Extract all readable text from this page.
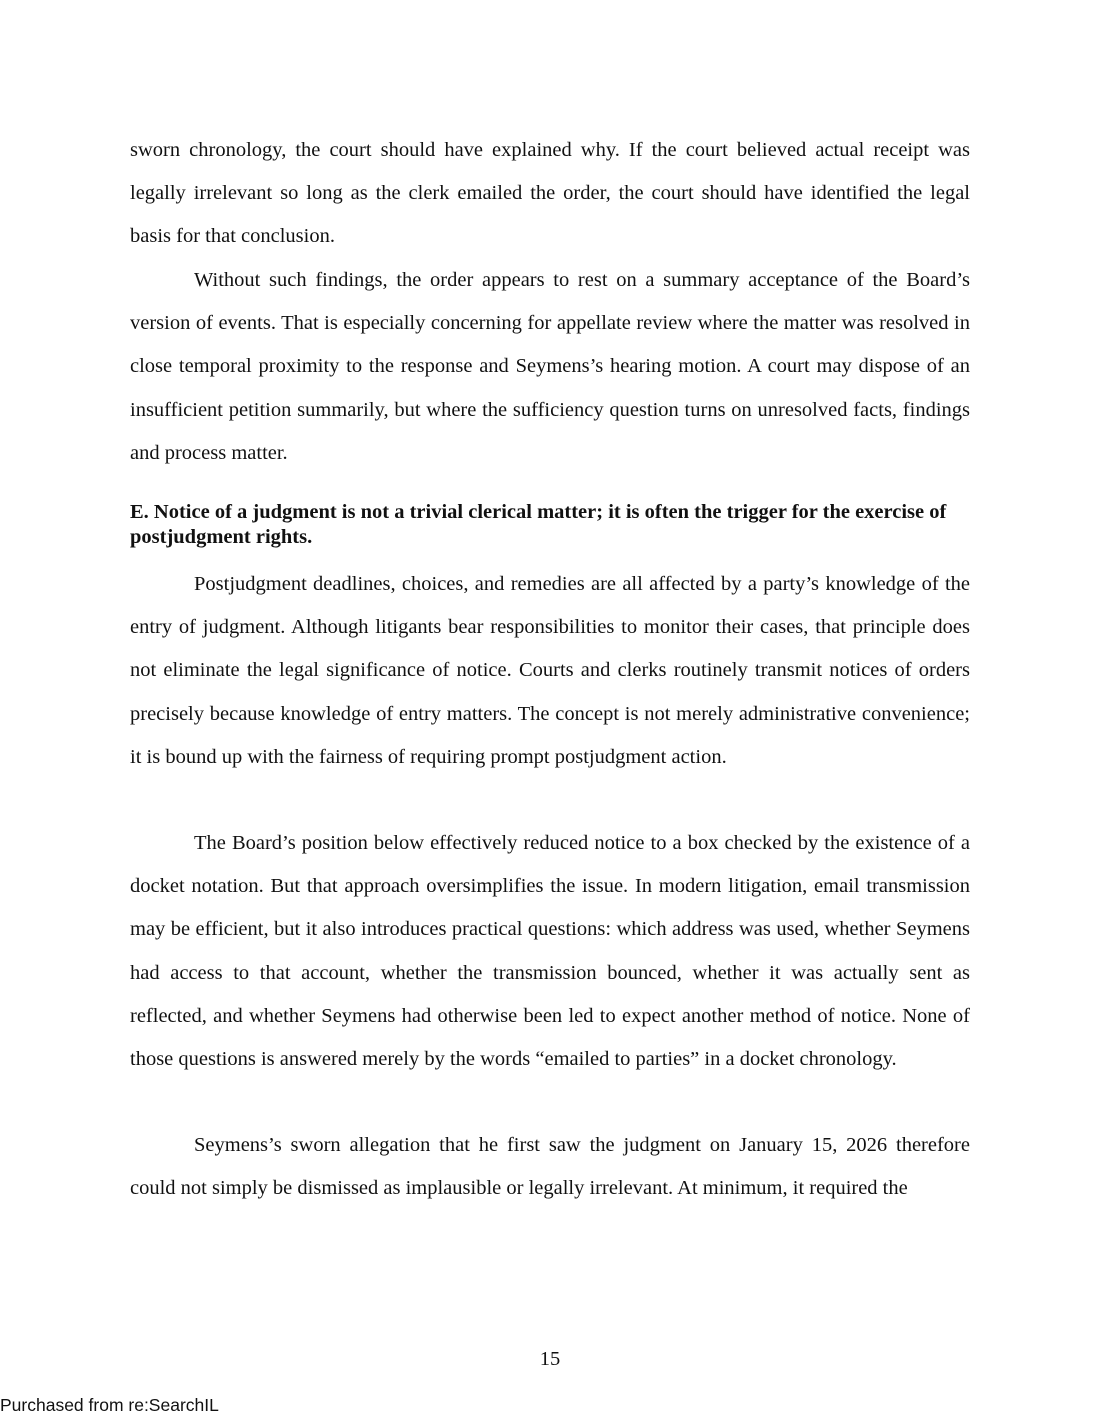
sworn chronology, the court should have explained why. If the court believed actual receipt was legally irrelevant so long as the clerk emailed the order, the court should have identified the legal basis for that conclusion.

Without such findings, the order appears to rest on a summary acceptance of the Board’s version of events. That is especially concerning for appellate review where the matter was resolved in close temporal proximity to the response and Seymens’s hearing motion. A court may dispose of an insufficient petition summarily, but where the sufficiency question turns on unresolved facts, findings and process matter.

E. Notice of a judgment is not a trivial clerical matter; it is often the trigger for the exercise of postjudgment rights.

Postjudgment deadlines, choices, and remedies are all affected by a party’s knowledge of the entry of judgment. Although litigants bear responsibilities to monitor their cases, that principle does not eliminate the legal significance of notice. Courts and clerks routinely transmit notices of orders precisely because knowledge of entry matters. The concept is not merely administrative convenience; it is bound up with the fairness of requiring prompt postjudgment action.

The Board’s position below effectively reduced notice to a box checked by the existence of a docket notation. But that approach oversimplifies the issue. In modern litigation, email transmission may be efficient, but it also introduces practical questions: which address was used, whether Seymens had access to that account, whether the transmission bounced, whether it was actually sent as reflected, and whether Seymens had otherwise been led to expect another method of notice. None of those questions is answered merely by the words “emailed to parties” in a docket chronology.

Seymens’s sworn allegation that he first saw the judgment on January 15, 2026 therefore could not simply be dismissed as implausible or legally irrelevant. At minimum, it required the

15
Purchased from re:SearchIL
